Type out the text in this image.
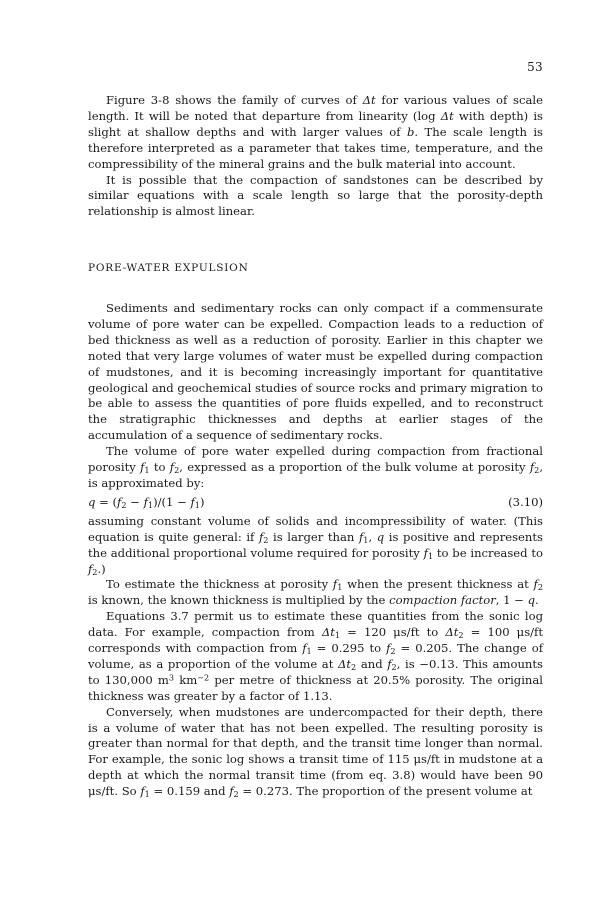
53

Figure 3-8 shows the family of curves of Δt for various values of scale length. It will be noted that departure from linearity (log Δt with depth) is slight at shallow depths and with larger values of b. The scale length is therefore interpreted as a parameter that takes time, temperature, and the compressibility of the mineral grains and the bulk material into account.

It is possible that the compaction of sandstones can be described by similar equations with a scale length so large that the porosity-depth relationship is almost linear.

PORE-WATER EXPULSION

Sediments and sedimentary rocks can only compact if a commensurate volume of pore water can be expelled. Compaction leads to a reduction of bed thickness as well as a reduction of porosity. Earlier in this chapter we noted that very large volumes of water must be expelled during compaction of mudstones, and it is becoming increasingly important for quantitative geological and geochemical studies of source rocks and primary migration to be able to assess the quantities of pore fluids expelled, and to reconstruct the stratigraphic thicknesses and depths at earlier stages of the accumulation of a sequence of sedimentary rocks.

The volume of pore water expelled during compaction from fractional porosity $f_1$ to $f_2$, expressed as a proportion of the bulk volume at porosity $f_2$, is approximated by:

$q = (f_2 - f_1)/(1 - f_1)$	(3.10)

assuming constant volume of solids and incompressibility of water. (This equation is quite general: if $f_2$ is larger than $f_1$, q is positive and represents the additional proportional volume required for porosity $f_1$ to be increased to $f_2$.)

To estimate the thickness at porosity $f_1$ when the present thickness at $f_2$ is known, the known thickness is multiplied by the compaction factor, 1 − q.

Equations 3.7 permit us to estimate these quantities from the sonic log data. For example, compaction from $\Delta t_1 = 120$ μs/ft to $\Delta t_2 = 100$ μs/ft corresponds with compaction from $f_1 = 0.295$ to $f_2 = 0.205$. The change of volume, as a proportion of the volume at $\Delta t_2$ and $f_2$, is −0.13. This amounts to 130,000 $m^3$ $km^{-2}$ per metre of thickness at 20.5% porosity. The original thickness was greater by a factor of 1.13.

Conversely, when mudstones are undercompacted for their depth, there is a volume of water that has not been expelled. The resulting porosity is greater than normal for that depth, and the transit time longer than normal. For example, the sonic log shows a transit time of 115 μs/ft in mudstone at a depth at which the normal transit time (from eq. 3.8) would have been 90 μs/ft. So $f_1 = 0.159$ and $f_2 = 0.273$. The proportion of the present volume at
